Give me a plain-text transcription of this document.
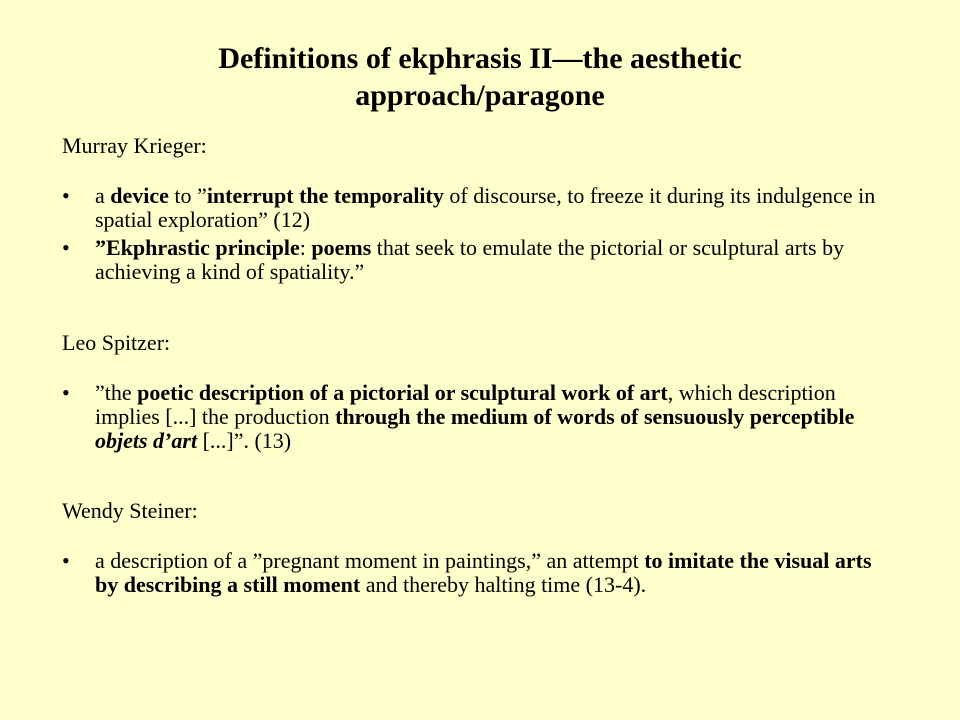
Definitions of ekphrasis II—the aesthetic
approach/paragone

Murray Krieger:

• a device to ”interrupt the temporality of discourse, to freeze it during its indulgence in spatial exploration” (12)
• ”Ekphrastic principle: poems that seek to emulate the pictorial or sculptural arts by achieving a kind of spatiality.”

Leo Spitzer:

• ”the poetic description of a pictorial or sculptural work of art, which description implies [...] the production through the medium of words of sensuously perceptible objets d’art [...]”. (13)

Wendy Steiner:

• a description of a ”pregnant moment in paintings,” an attempt to imitate the visual arts by describing a still moment and thereby halting time (13-4).
